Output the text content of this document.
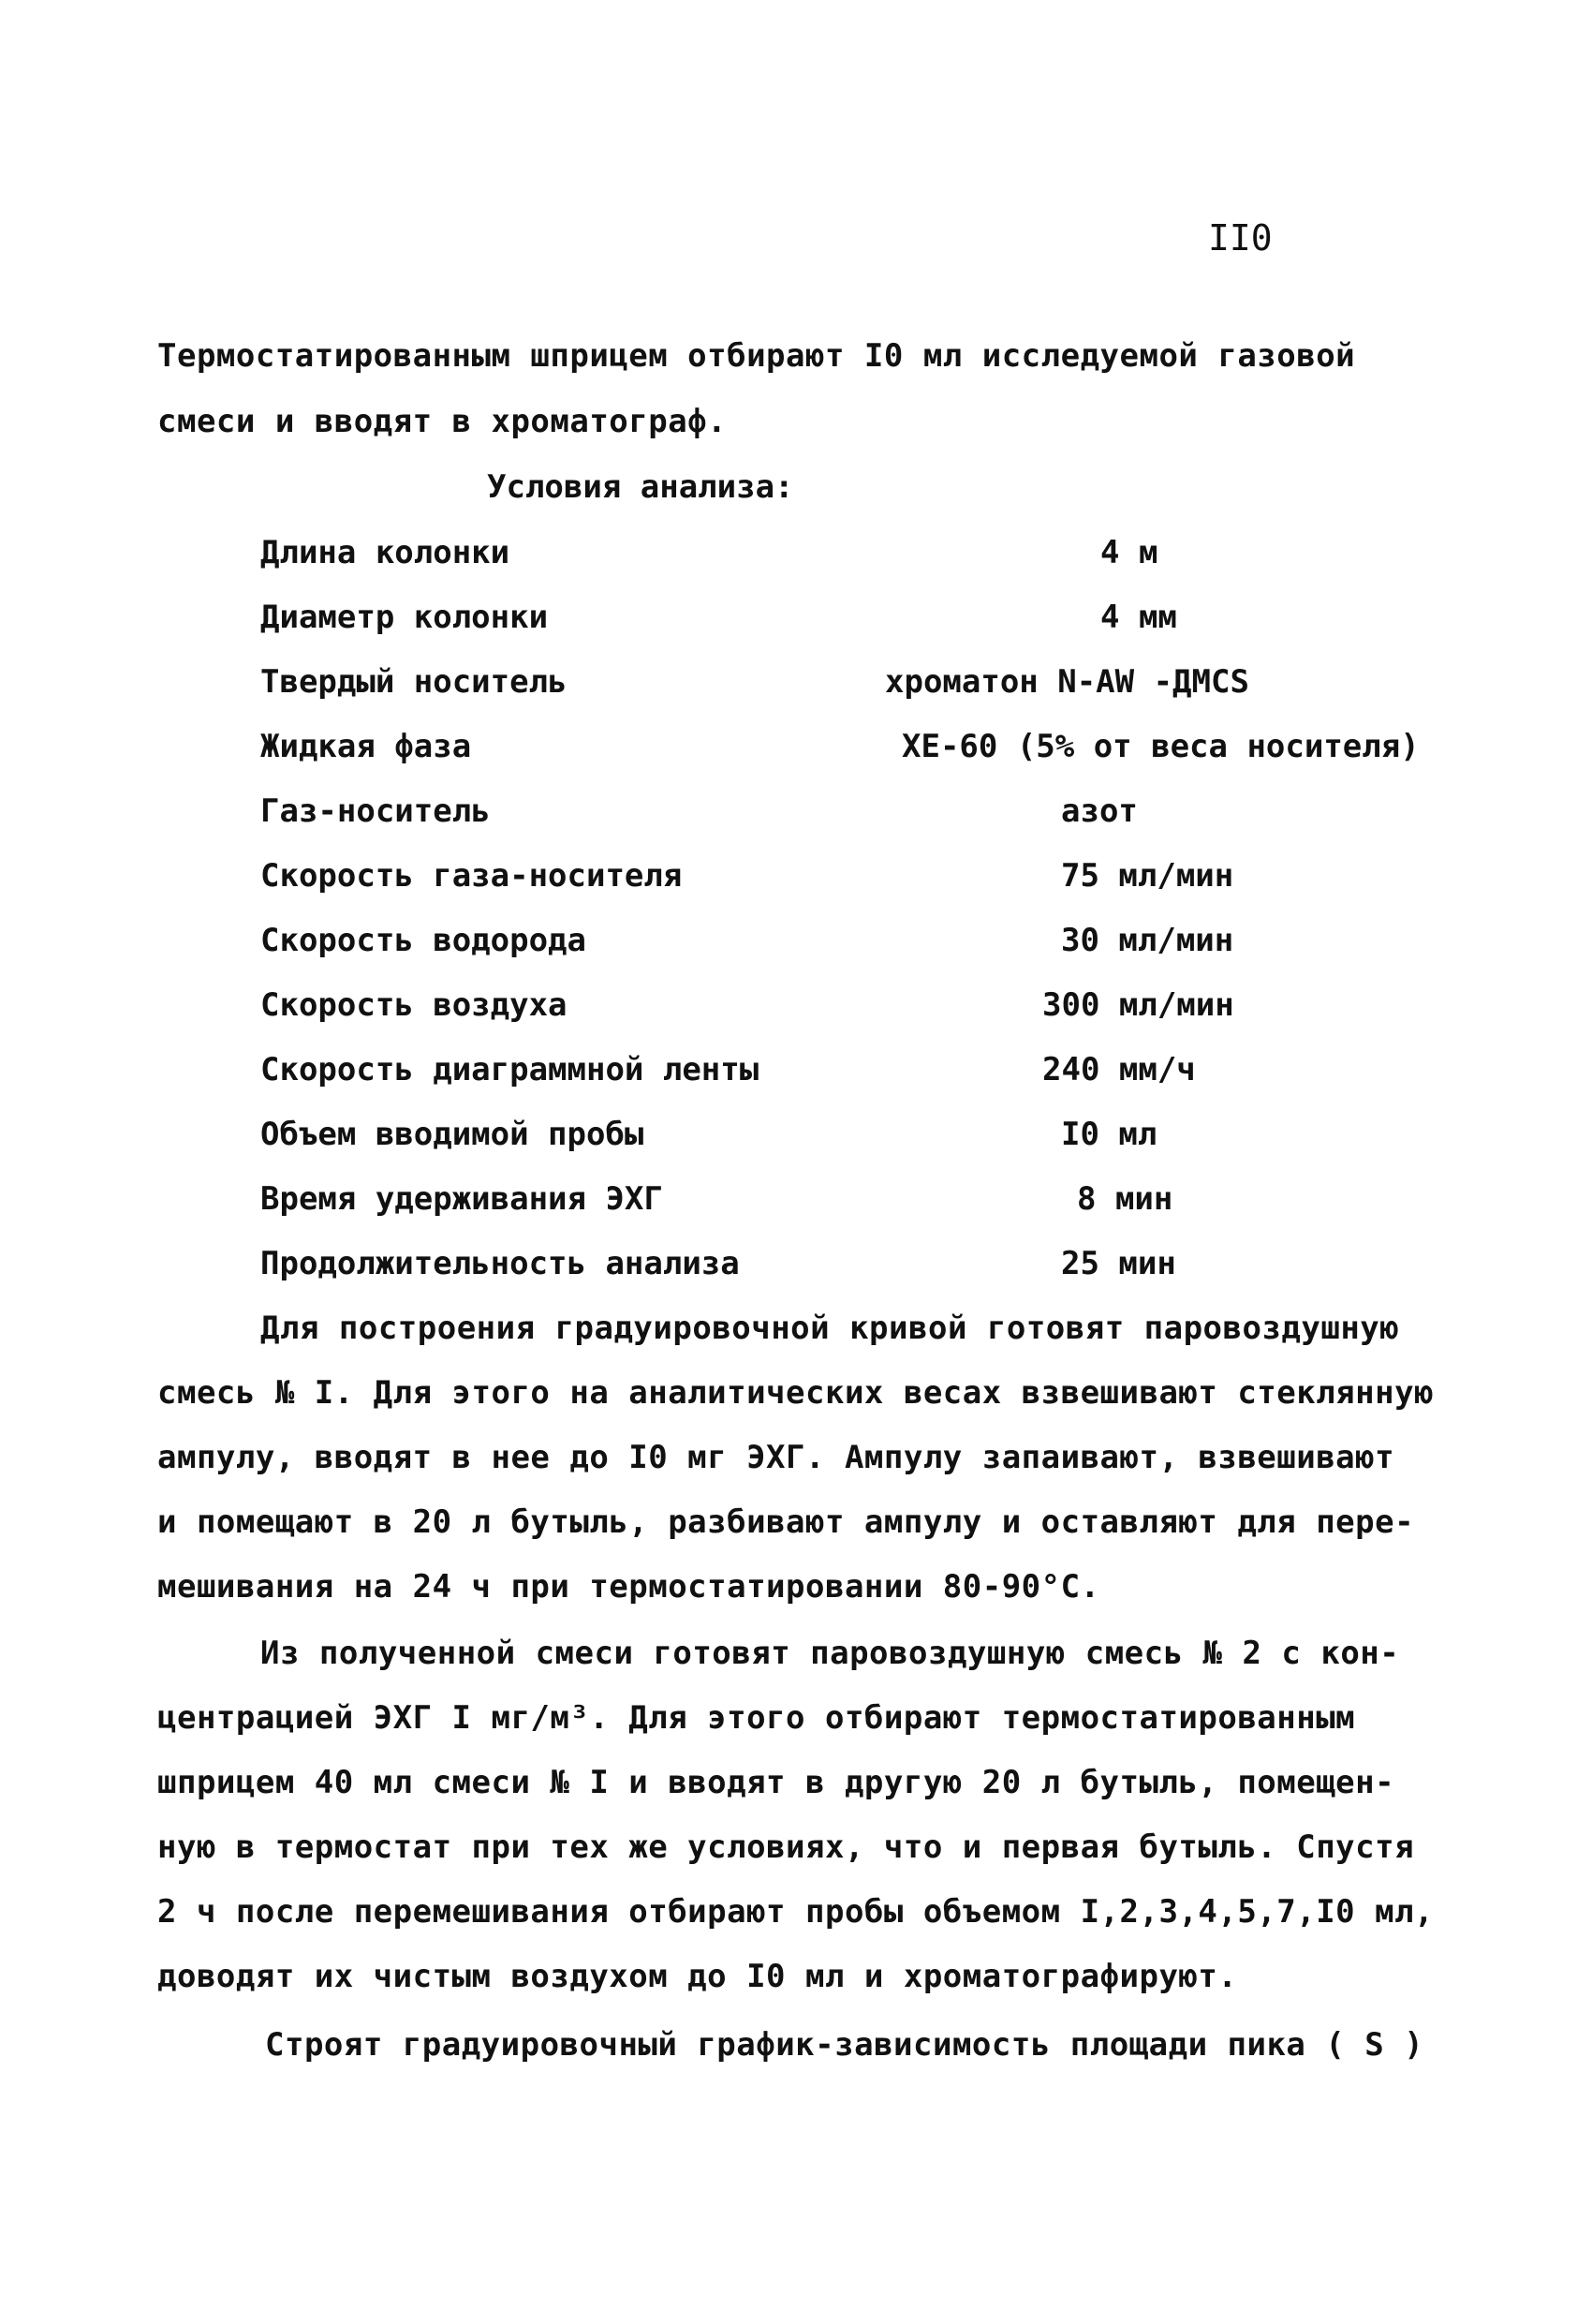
II0
Термостатированным шприцем отбирают I0 мл исследуемой газовой
смеси и вводят в хроматограф.
Условия анализа:
Длина колонки	4 м
Диаметр колонки	4 мм
Твердый носитель	хроматон N-AW -ДМСS
Жидкая фаза	ХЕ-60 (5% от веса носителя)
Газ-носитель	азот
Скорость газа-носителя	75 мл/мин
Скорость водорода	30 мл/мин
Скорость воздуха	300 мл/мин
Скорость диаграммной ленты	240 мм/ч
Объем вводимой пробы	I0 мл
Время удерживания ЭХГ	8 мин
Продолжительность анализа	25 мин
Для построения градуировочной кривой готовят паровоздушную
смесь № I. Для этого на аналитических весах взвешивают стеклянную
ампулу, вводят в нее до I0 мг ЭХГ. Ампулу запаивают, взвешивают
и помещают в 20 л бутыль, разбивают ампулу и оставляют для пере-
мешивания на 24 ч при термостатировании 80-90°С.
Из полученной смеси готовят паровоздушную смесь № 2 с кон-
центрацией ЭХГ I мг/м³. Для этого отбирают термостатированным
шприцем 40 мл смеси № I и вводят в другую 20 л бутыль, помещен-
ную в термостат при тех же условиях, что и первая бутыль. Спустя
2 ч после перемешивания отбирают пробы объемом I,2,3,4,5,7,I0 мл,
доводят их чистым воздухом до I0 мл и хроматографируют.
Строят градуировочный график-зависимость площади пика ( S )
